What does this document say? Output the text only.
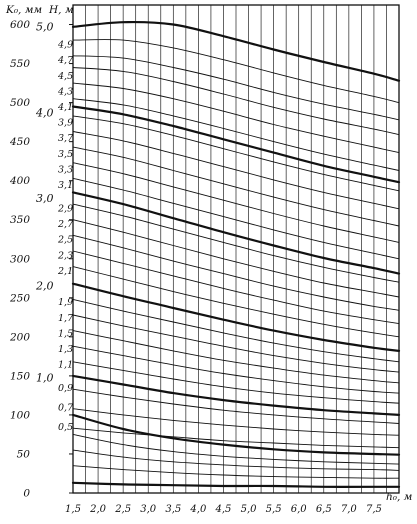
K₀, мм H, м
h₀, м
0
50
100
150
200
250
300
350
400
450
500
550
600 5,0
4,9
4,7
4,5
4,3
4,1
4,0
3,9
3,7
3,5
3,3
3,1
3,0
2,9
2,7
2,5
2,3
2,1
2,0
1,9
1,7
1,5
1,3
1,1
1,0
0,9
0,7
0,5
1,5 2,0 2,5 3,0 3,5 4,0 4,5 5,0 5,5 6,0 6,5 7,0 7,5
